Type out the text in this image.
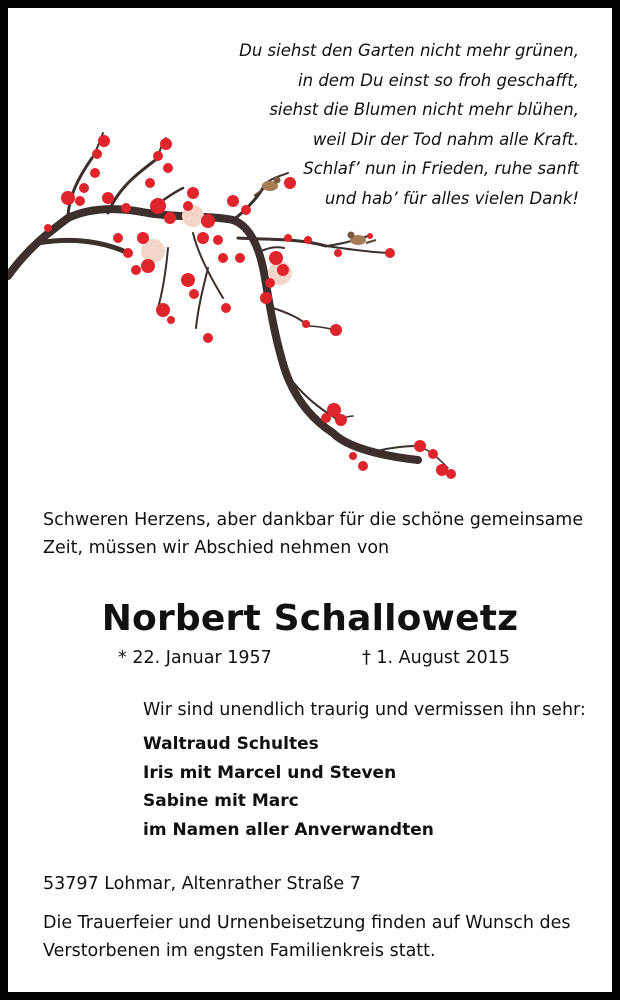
Du siehst den Garten nicht mehr grünen,
in dem Du einst so froh geschafft,
siehst die Blumen nicht mehr blühen,
weil Dir der Tod nahm alle Kraft.
Schlaf’ nun in Frieden, ruhe sanft
und hab’ für alles vielen Dank!
Schweren Herzens, aber dankbar für die schöne gemeinsame
Zeit, müssen wir Abschied nehmen von
Norbert Schallowetz
* 22. Januar 1957	† 1. August 2015
Wir sind unendlich traurig und vermissen ihn sehr:
Waltraud Schultes
Iris mit Marcel und Steven
Sabine mit Marc
im Namen aller Anverwandten
53797 Lohmar, Altenrather Straße 7
Die Trauerfeier und Urnenbeisetzung finden auf Wunsch des
Verstorbenen im engsten Familienkreis statt.
